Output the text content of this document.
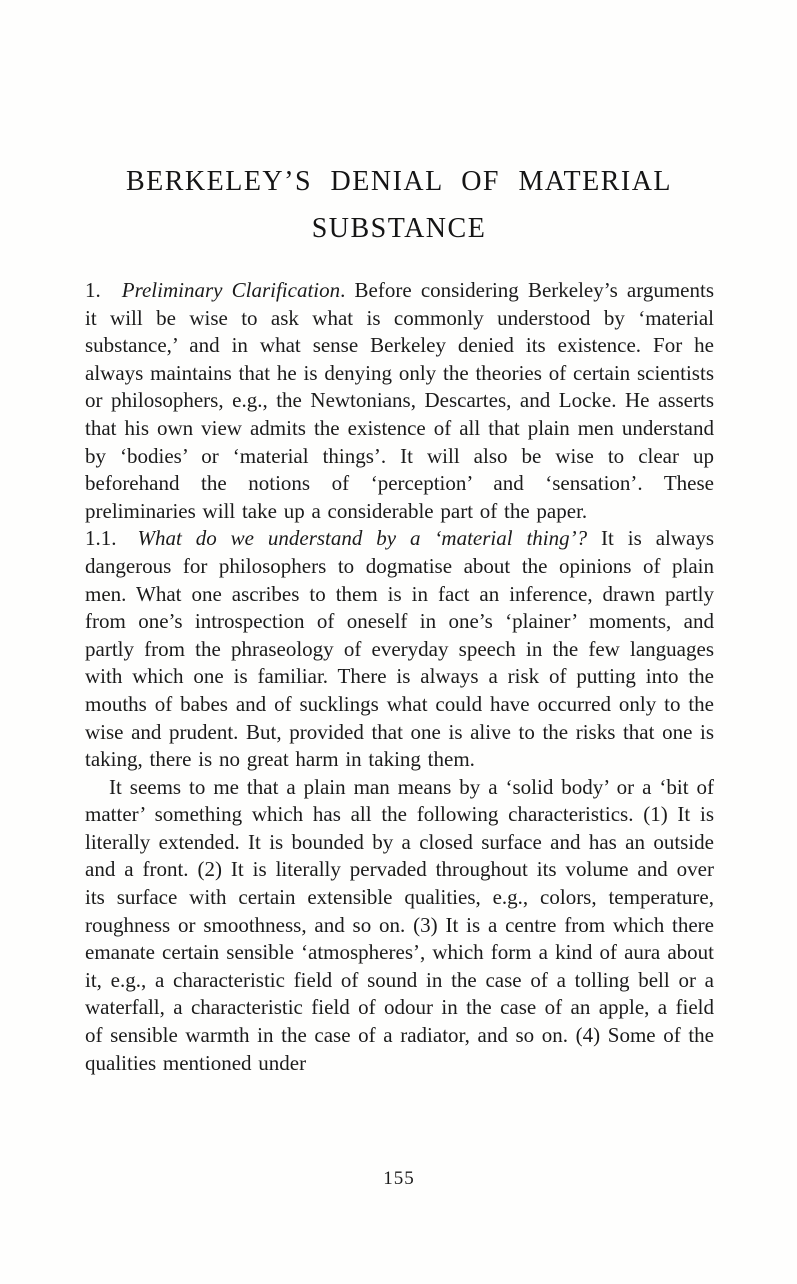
BERKELEY’S DENIAL OF MATERIAL
SUBSTANCE

1. Preliminary Clarification. Before considering Berkeley’s arguments it will be wise to ask what is commonly understood by ‘material substance,’ and in what sense Berkeley denied its existence. For he always maintains that he is denying only the theories of certain scientists or philosophers, e.g., the Newtonians, Descartes, and Locke. He asserts that his own view admits the existence of all that plain men understand by ‘bodies’ or ‘material things’. It will also be wise to clear up beforehand the notions of ‘perception’ and ‘sensation’. These preliminaries will take up a considerable part of the paper.

1.1. What do we understand by a ‘material thing’? It is always dangerous for philosophers to dogmatise about the opinions of plain men. What one ascribes to them is in fact an inference, drawn partly from one’s introspection of oneself in one’s ‘plainer’ moments, and partly from the phraseology of everyday speech in the few languages with which one is familiar. There is always a risk of putting into the mouths of babes and of sucklings what could have occurred only to the wise and prudent. But, provided that one is alive to the risks that one is taking, there is no great harm in taking them.

It seems to me that a plain man means by a ‘solid body’ or a ‘bit of matter’ something which has all the following characteristics. (1) It is literally extended. It is bounded by a closed surface and has an outside and a front. (2) It is literally pervaded throughout its volume and over its surface with certain extensible qualities, e.g., colors, temperature, roughness or smoothness, and so on. (3) It is a centre from which there emanate certain sensible ‘atmospheres’, which form a kind of aura about it, e.g., a characteristic field of sound in the case of a tolling bell or a waterfall, a characteristic field of odour in the case of an apple, a field of sensible warmth in the case of a radiator, and so on. (4) Some of the qualities mentioned under

155
